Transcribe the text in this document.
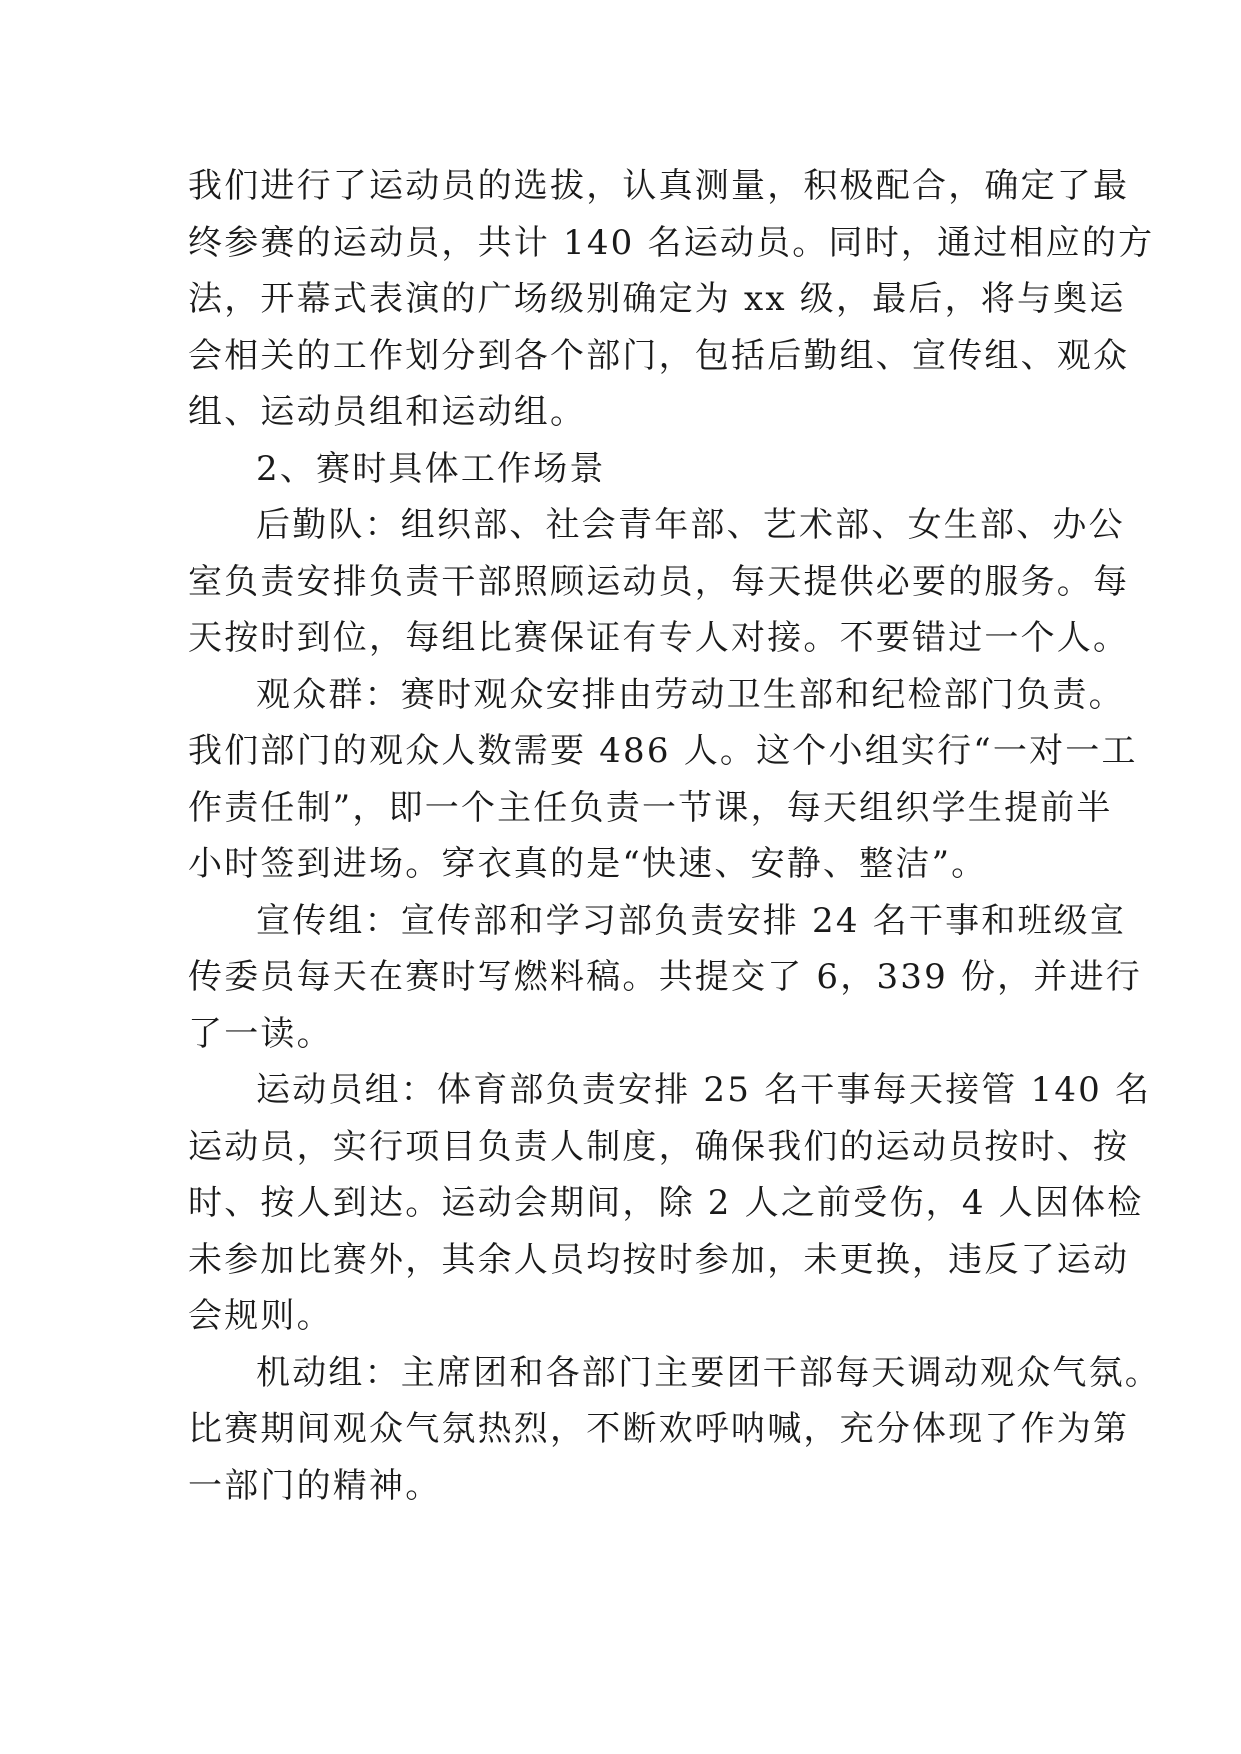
我们进行了运动员的选拔，认真测量，积极配合，确定了最
终参赛的运动员，共计 140 名运动员。同时，通过相应的方
法，开幕式表演的广场级别确定为 xx 级，最后，将与奥运
会相关的工作划分到各个部门，包括后勤组、宣传组、观众
组、运动员组和运动组。
2、赛时具体工作场景
后勤队：组织部、社会青年部、艺术部、女生部、办公
室负责安排负责干部照顾运动员，每天提供必要的服务。每
天按时到位，每组比赛保证有专人对接。不要错过一个人。
观众群：赛时观众安排由劳动卫生部和纪检部门负责。
我们部门的观众人数需要 486 人。这个小组实行“一对一工
作责任制”，即一个主任负责一节课，每天组织学生提前半
小时签到进场。穿衣真的是“快速、安静、整洁”。
宣传组：宣传部和学习部负责安排 24 名干事和班级宣
传委员每天在赛时写燃料稿。共提交了 6，339 份，并进行
了一读。
运动员组：体育部负责安排 25 名干事每天接管 140 名
运动员，实行项目负责人制度，确保我们的运动员按时、按
时、按人到达。运动会期间，除 2 人之前受伤，4 人因体检
未参加比赛外，其余人员均按时参加，未更换，违反了运动
会规则。
机动组：主席团和各部门主要团干部每天调动观众气氛。
比赛期间观众气氛热烈，不断欢呼呐喊，充分体现了作为第
一部门的精神。
